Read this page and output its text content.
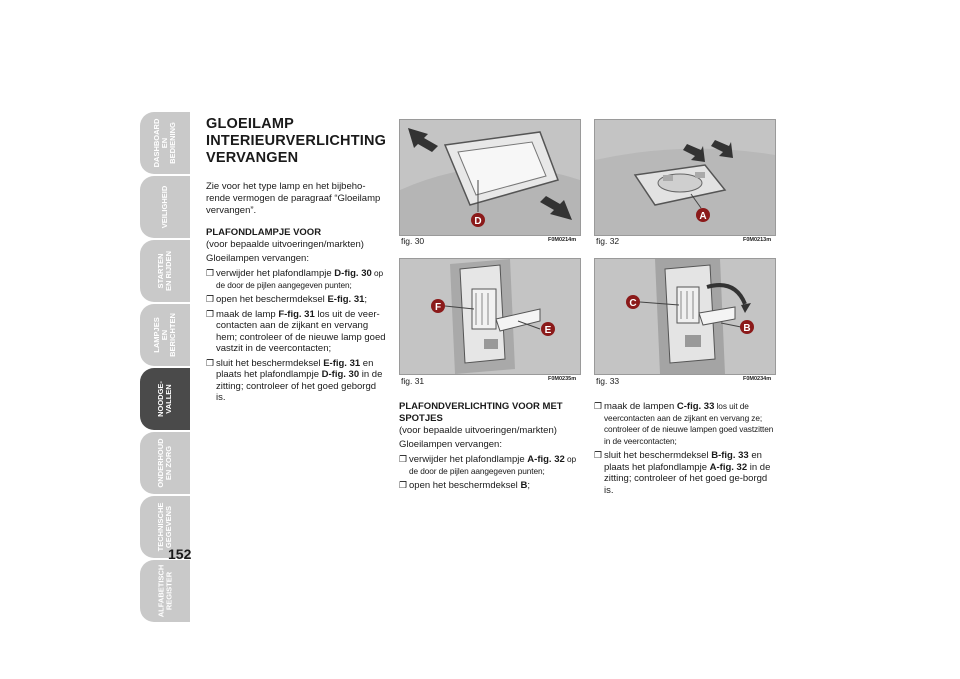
DASHBOARD
EN BEDIENING
VEILIGHEID
STARTEN
EN RIJDEN
LAMPJES
EN BERICHTEN
NOODGE-
VALLEN
ONDERHOUD
EN ZORG
TECHNISCHE
GEGEVENS
ALFABETISCH
REGISTER
152
GLOEILAMP INTERIEURVERLICHTING VERVANGEN

Zie voor het type lamp en het bijbeho-rende vermogen de paragraaf “Gloeilamp vervangen”.

PLAFONDLAMPJE VOOR

(voor bepaalde uitvoeringen/markten)

Gloeilampen vervangen:

❐ verwijder het plafondlampje D-fig. 30 op de door de pijlen aangegeven punten;
❐ open het beschermdeksel E-fig. 31;
❐ maak de lamp F-fig. 31 los uit de veer-contacten aan de zijkant en vervang hem; controleer of de nieuwe lamp goed vastzit in de veercontacten;
❐ sluit het beschermdeksel E-fig. 31 en plaats het plafondlampje D-fig. 30 in de zitting; controleer of het goed geborgd is.
D
fig. 30	F0M0214m
A
fig. 32	F0M0213m
F
E
fig. 31	F0M0235m
C
B
fig. 33	F0M0234m
PLAFONDVERLICHTING VOOR MET SPOTJES

(voor bepaalde uitvoeringen/markten)

Gloeilampen vervangen:

❐ verwijder het plafondlampje A-fig. 32 op de door de pijlen aangegeven punten;
❐ open het beschermdeksel B;
❐ maak de lampen C-fig. 33 los uit de veercontacten aan de zijkant en vervang ze; controleer of de nieuwe lampen goed vastzitten in de veercontacten;
❐ sluit het beschermdeksel B-fig. 33 en plaats het plafondlampje A-fig. 32 in de zitting; controleer of het goed ge-borgd is.
